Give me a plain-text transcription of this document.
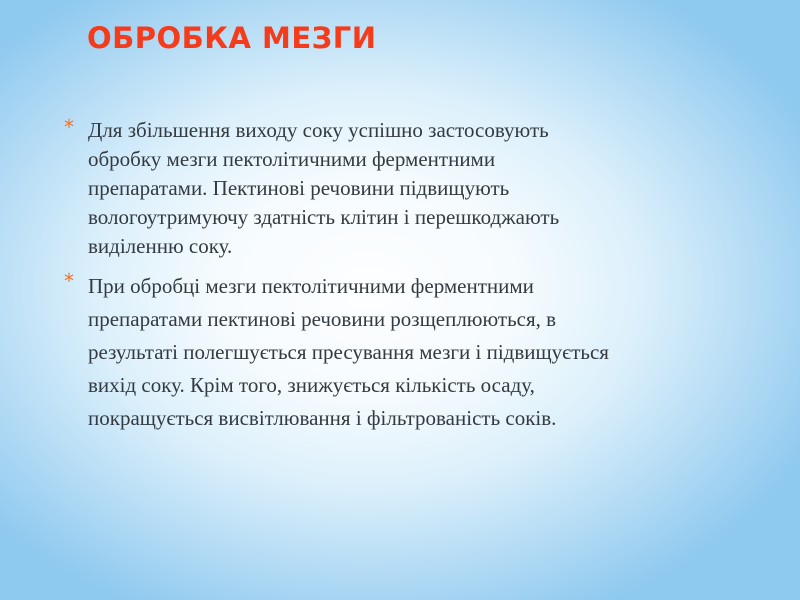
ОБРОБКА МЕЗГИ
* Для збільшення виходу соку успішно застосовують
обробку мезги пектолітичними ферментними
препаратами. Пектинові речовини підвищують
вологоутримуючу здатність клітин і перешкоджають
виділенню соку.
* При обробці мезги пектолітичними ферментними
препаратами пектинові речовини розщеплюються, в
результаті полегшується пресування мезги і підвищується
вихід соку. Крім того, знижується кількість осаду,
покращується висвітлювання і фільтрованість соків.
